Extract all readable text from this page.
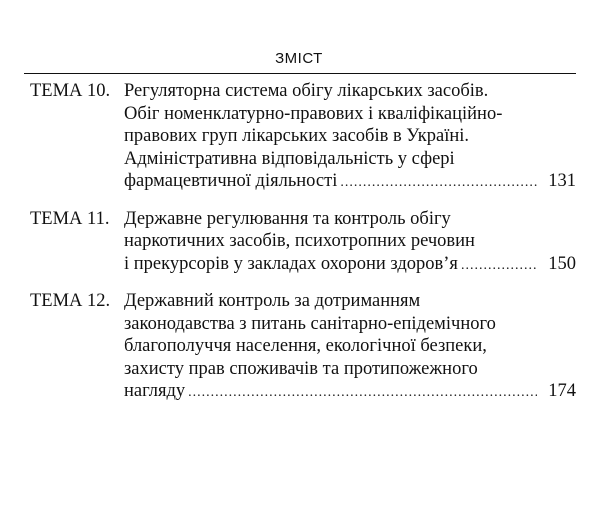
ЗМІСТ
ТЕМА 10. Регуляторна система обігу лікарських засобів.
Обіг номенклатурно-правових і кваліфікаційно-
правових груп лікарських засобів в Україні.
Адміністративна відповідальність у сфері
фармацевтичної діяльності .....	131
ТЕМА 11. Державне регулювання та контроль обігу
наркотичних засобів, психотропних речовин
і прекурсорів у закладах охорони здоров’я .....	150
ТЕМА 12. Державний контроль за дотриманням
законодавства з питань санітарно-епідемічного
благополуччя населення, екологічної безпеки,
захисту прав споживачів та протипожежного
нагляду .....	174
